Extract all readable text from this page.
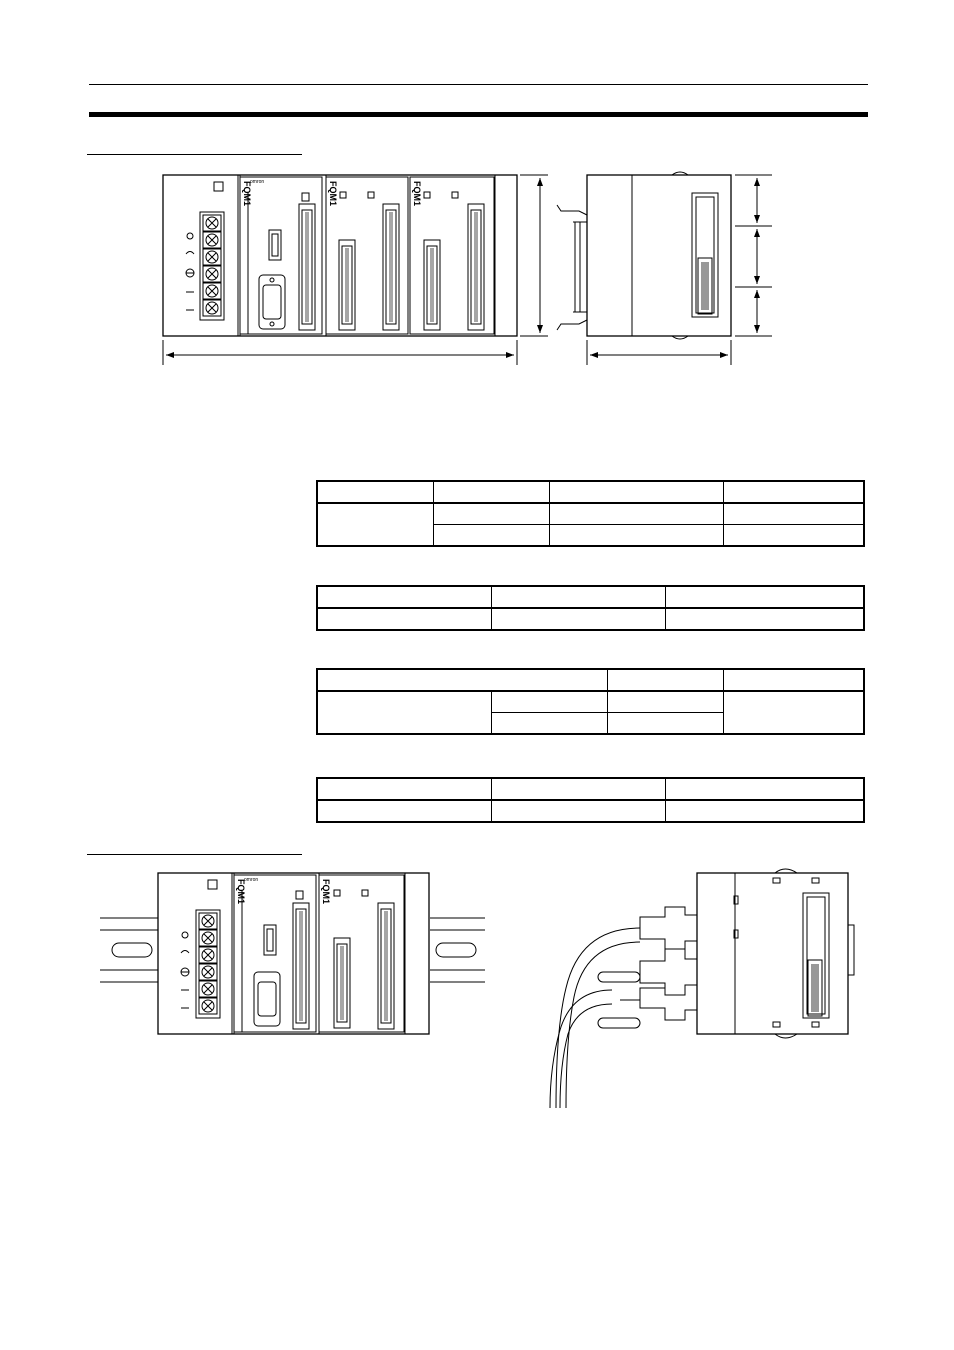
FQM1	FQM1	FQM1
omron

FQM1	FQM1
omron
